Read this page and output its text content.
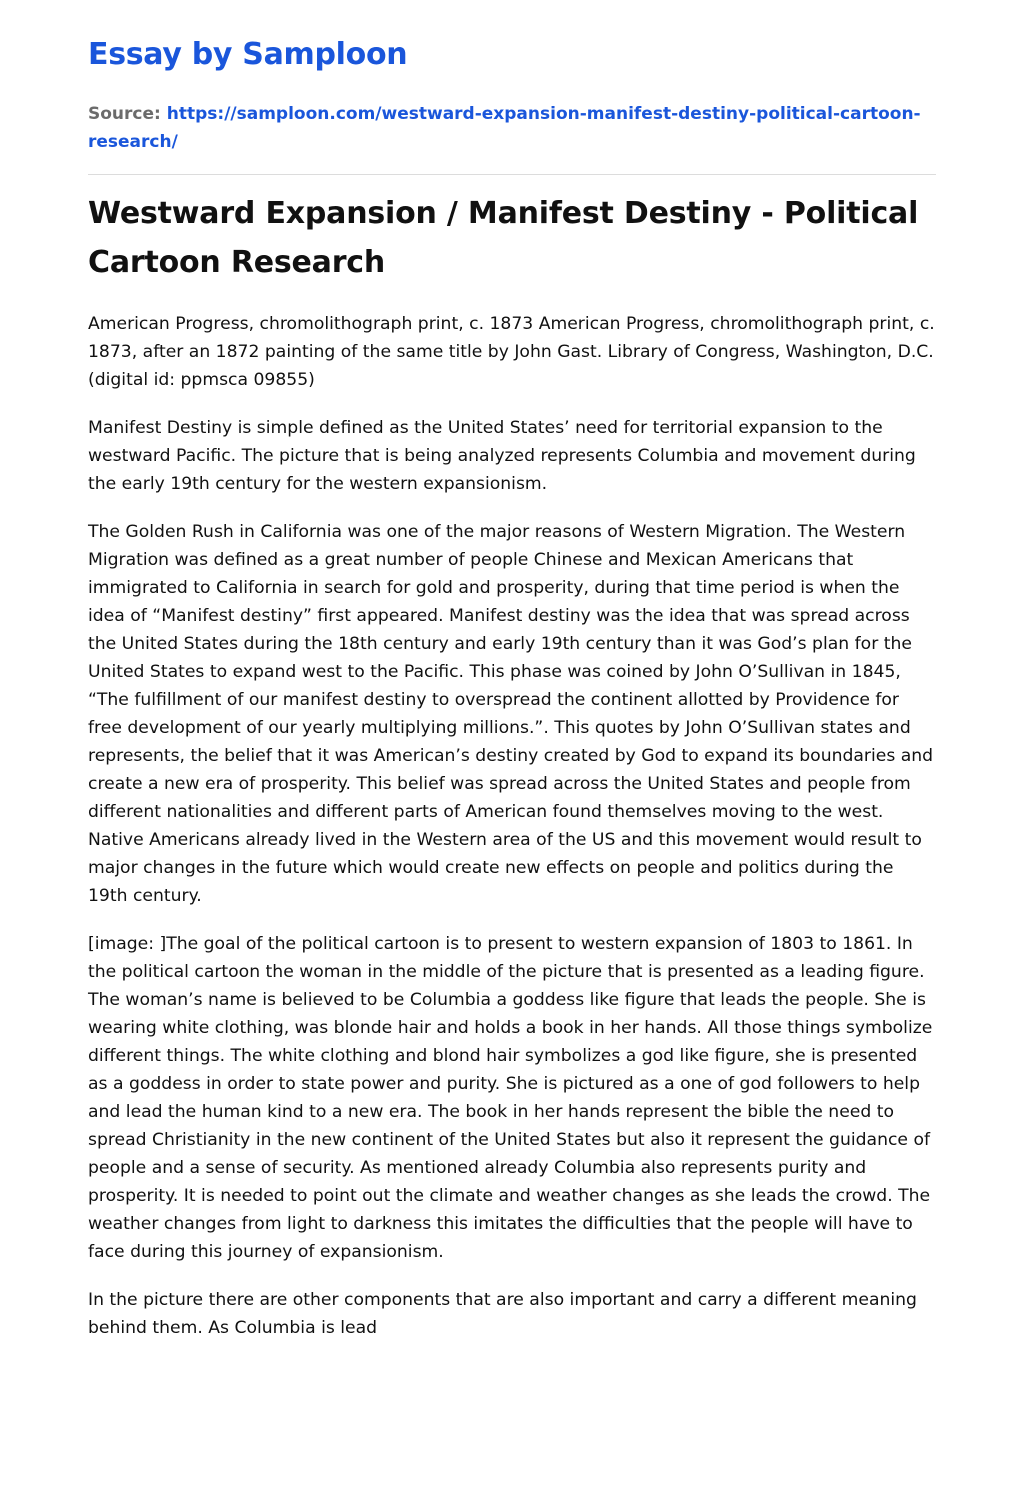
Essay by Samploon
Source: https://samploon.com/westward-expansion-manifest-destiny-political-cartoon-research/
Westward Expansion / Manifest Destiny - Political Cartoon Research

American Progress, chromolithograph print, c. 1873 American Progress, chromolithograph print, c. 1873, after an 1872 painting of the same title by John Gast. Library of Congress, Washington, D.C. (digital id: ppmsca 09855)

Manifest Destiny is simple defined as the United States’ need for territorial expansion to the westward Pacific. The picture that is being analyzed represents Columbia and movement during the early 19th century for the western expansionism.

The Golden Rush in California was one of the major reasons of Western Migration. The Western Migration was defined as a great number of people Chinese and Mexican Americans that immigrated to California in search for gold and prosperity, during that time period is when the idea of “Manifest destiny” first appeared. Manifest destiny was the idea that was spread across the United States during the 18th century and early 19th century than it was God’s plan for the United States to expand west to the Pacific. This phase was coined by John O’Sullivan in 1845, “The fulfillment of our manifest destiny to overspread the continent allotted by Providence for free development of our yearly multiplying millions.”. This quotes by John O’Sullivan states and represents, the belief that it was American’s destiny created by God to expand its boundaries and create a new era of prosperity. This belief was spread across the United States and people from different nationalities and different parts of American found themselves moving to the west. Native Americans already lived in the Western area of the US and this movement would result to major changes in the future which would create new effects on people and politics during the 19th century.

[image: ]The goal of the political cartoon is to present to western expansion of 1803 to 1861. In the political cartoon the woman in the middle of the picture that is presented as a leading figure. The woman’s name is believed to be Columbia a goddess like figure that leads the people. She is wearing white clothing, was blonde hair and holds a book in her hands. All those things symbolize different things. The white clothing and blond hair symbolizes a god like figure, she is presented as a goddess in order to state power and purity. She is pictured as a one of god followers to help and lead the human kind to a new era. The book in her hands represent the bible the need to spread Christianity in the new continent of the United States but also it represent the guidance of people and a sense of security. As mentioned already Columbia also represents purity and prosperity. It is needed to point out the climate and weather changes as she leads the crowd. The weather changes from light to darkness this imitates the difficulties that the people will have to face during this journey of expansionism.

In the picture there are other components that are also important and carry a different meaning behind them. As Columbia is lead
